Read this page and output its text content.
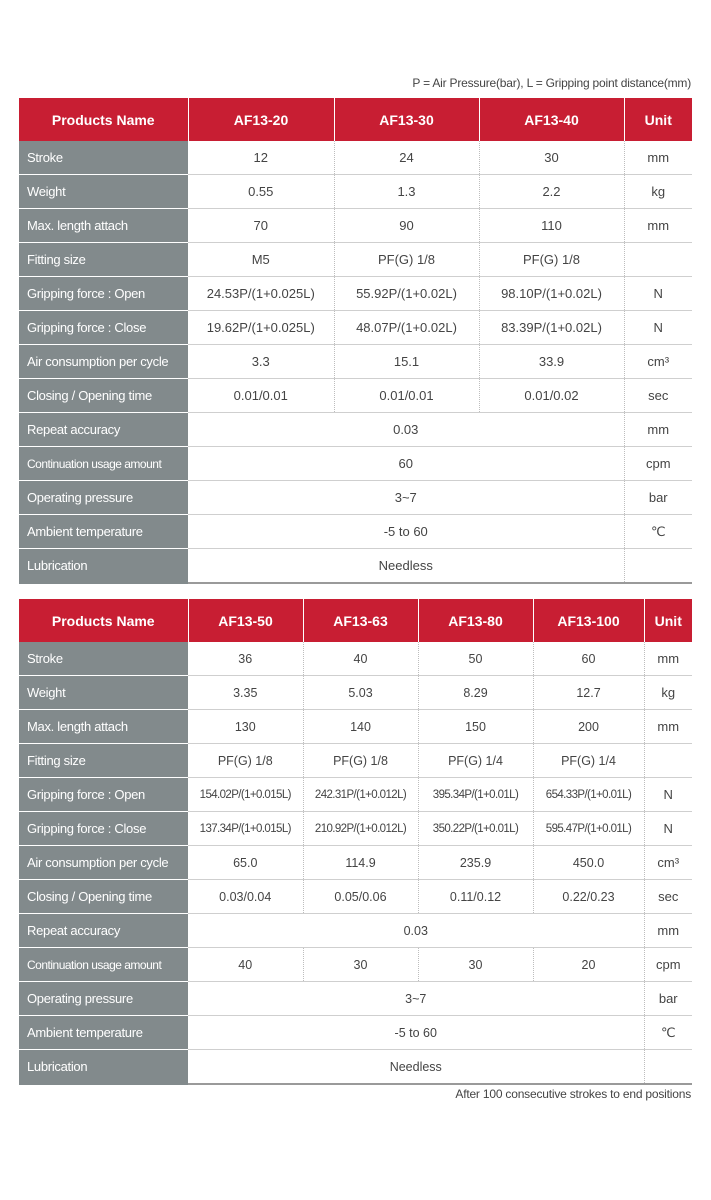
P = Air Pressure(bar), L = Gripping point distance(mm)
Products Name	AF13-20	AF13-30	AF13-40	Unit
Stroke	12	24	30	mm
Weight	0.55	1.3	2.2	kg
Max. length attach	70	90	110	mm
Fitting size	M5	PF(G) 1/8	PF(G) 1/8	
Gripping force : Open	24.53P/(1+0.025L)	55.92P/(1+0.02L)	98.10P/(1+0.02L)	N
Gripping force : Close	19.62P/(1+0.025L)	48.07P/(1+0.02L)	83.39P/(1+0.02L)	N
Air consumption per cycle	3.3	15.1	33.9	cm³
Closing / Opening time	0.01/0.01	0.01/0.01	0.01/0.02	sec
Repeat accuracy	0.03			mm
Continuation usage amount	60			cpm
Operating pressure	3~7			bar
Ambient temperature	-5 to 60			℃
Lubrication	Needless			
Products Name	AF13-50	AF13-63	AF13-80	AF13-100	Unit
Stroke	36	40	50	60	mm
Weight	3.35	5.03	8.29	12.7	kg
Max. length attach	130	140	150	200	mm
Fitting size	PF(G) 1/8	PF(G) 1/8	PF(G) 1/4	PF(G) 1/4	
Gripping force : Open	154.02P/(1+0.015L)	242.31P/(1+0.012L)	395.34P/(1+0.01L)	654.33P/(1+0.01L)	N
Gripping force : Close	137.34P/(1+0.015L)	210.92P/(1+0.012L)	350.22P/(1+0.01L)	595.47P/(1+0.01L)	N
Air consumption per cycle	65.0	114.9	235.9	450.0	cm³
Closing / Opening time	0.03/0.04	0.05/0.06	0.11/0.12	0.22/0.23	sec
Repeat accuracy	0.03				mm
Continuation usage amount	40	30	30	20	cpm
Operating pressure	3~7				bar
Ambient temperature	-5 to 60				℃
Lubrication	Needless				
After 100 consecutive strokes to end positions
